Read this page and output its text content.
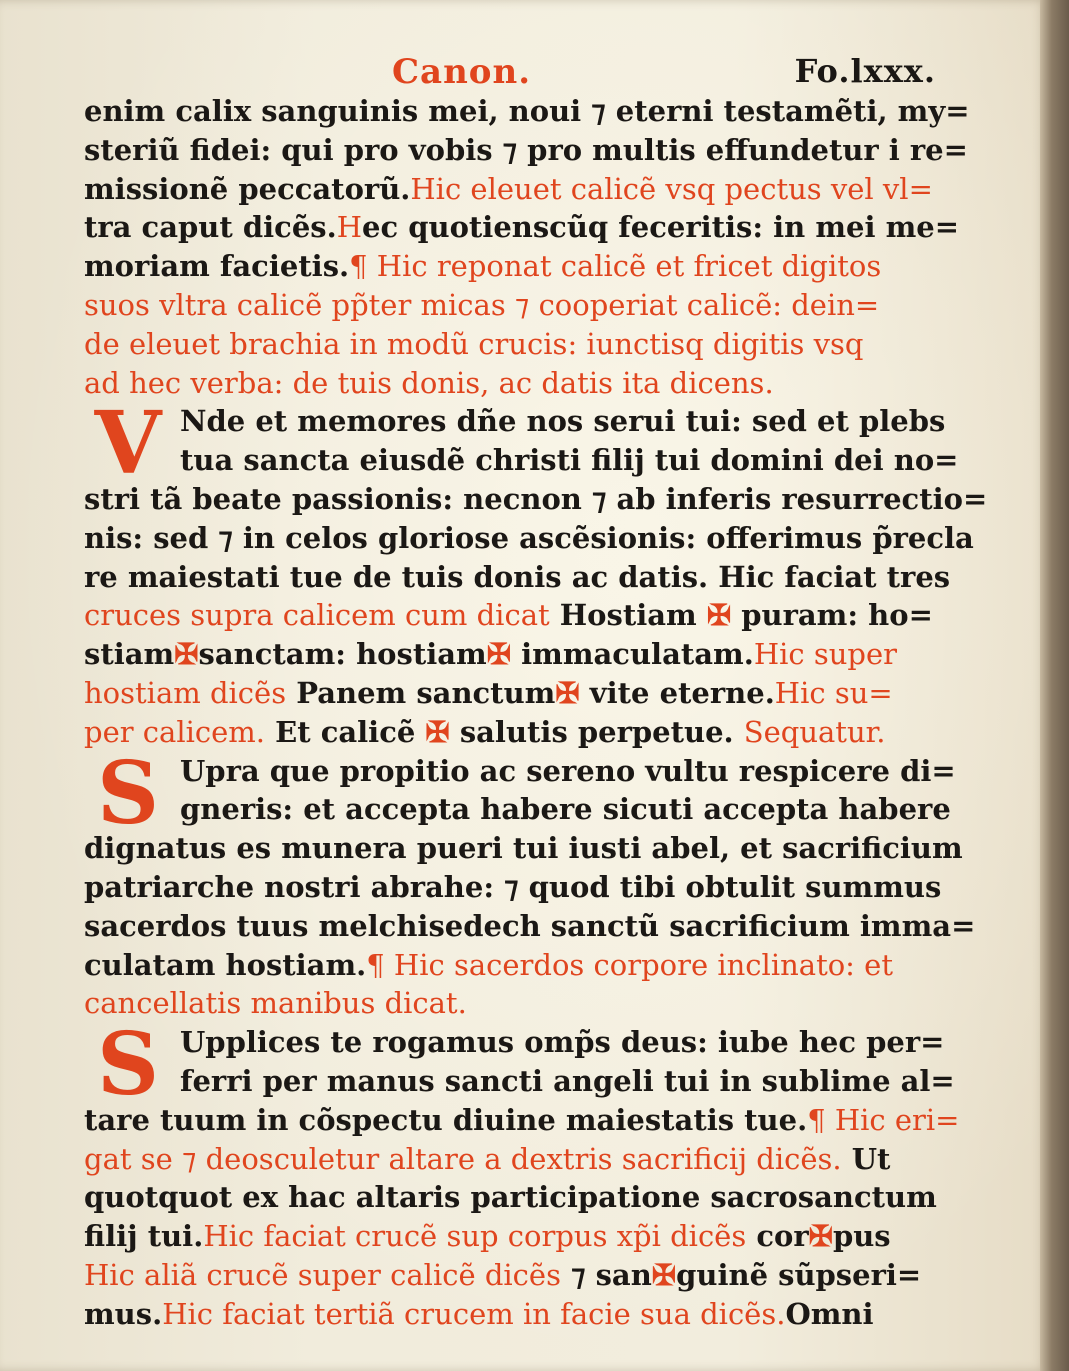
Canon.	Fo.lxxx.
enim calix sanguinis mei, noui ⁊ eterni testamẽti, my=
steriũ fidei: qui pro vobis ⁊ pro multis effundetur i re=
missionẽ peccatorũ.Hic eleuet calicẽ vsq pectus vel vl=
tra caput dicẽs.Hec quotienscũq feceritis: in mei me=
moriam facietis.¶ Hic reponat calicẽ et fricet digitos
suos vltra calicẽ pp̃ter micas ⁊ cooperiat calicẽ: dein=
de eleuet brachia in modũ crucis: iunctisq digitis vsq
ad hec verba: de tuis donis, ac datis ita dicens.
V Nde et memores dñe nos serui tui: sed et plebs
tua sancta eiusdẽ christi filij tui domini dei no=
stri tã beate passionis: necnon ⁊ ab inferis resurrectio=
nis: sed ⁊ in celos gloriose ascẽsionis: offerimus p̃recla
re maiestati tue de tuis donis ac datis. Hic faciat tres
cruces supra calicem cum dicat Hostiam ✠ puram: ho=
stiam✠sanctam: hostiam✠ immaculatam.Hic super
hostiam dicẽs Panem sanctum✠ vite eterne.Hic su=
per calicem. Et calicẽ ✠ salutis perpetue. Sequatur.
S Upra que propitio ac sereno vultu respicere di=
gneris: et accepta habere sicuti accepta habere
dignatus es munera pueri tui iusti abel, et sacrificium
patriarche nostri abrahe: ⁊ quod tibi obtulit summus
sacerdos tuus melchisedech sanctũ sacrificium imma=
culatam hostiam.¶ Hic sacerdos corpore inclinato: et
cancellatis manibus dicat.
S Upplices te rogamus omp̃s deus: iube hec per=
ferri per manus sancti angeli tui in sublime al=
tare tuum in cõspectu diuine maiestatis tue.¶ Hic eri=
gat se ⁊ deosculetur altare a dextris sacrificij dicẽs. Ut
quotquot ex hac altaris participatione sacrosanctum
filij tui.Hic faciat crucẽ sup corpus xp̃i dicẽs cor✠pus
Hic aliã crucẽ super calicẽ dicẽs ⁊ san✠guinẽ sũpseri=
mus.Hic faciat tertiã crucem in facie sua dicẽs.Omni
